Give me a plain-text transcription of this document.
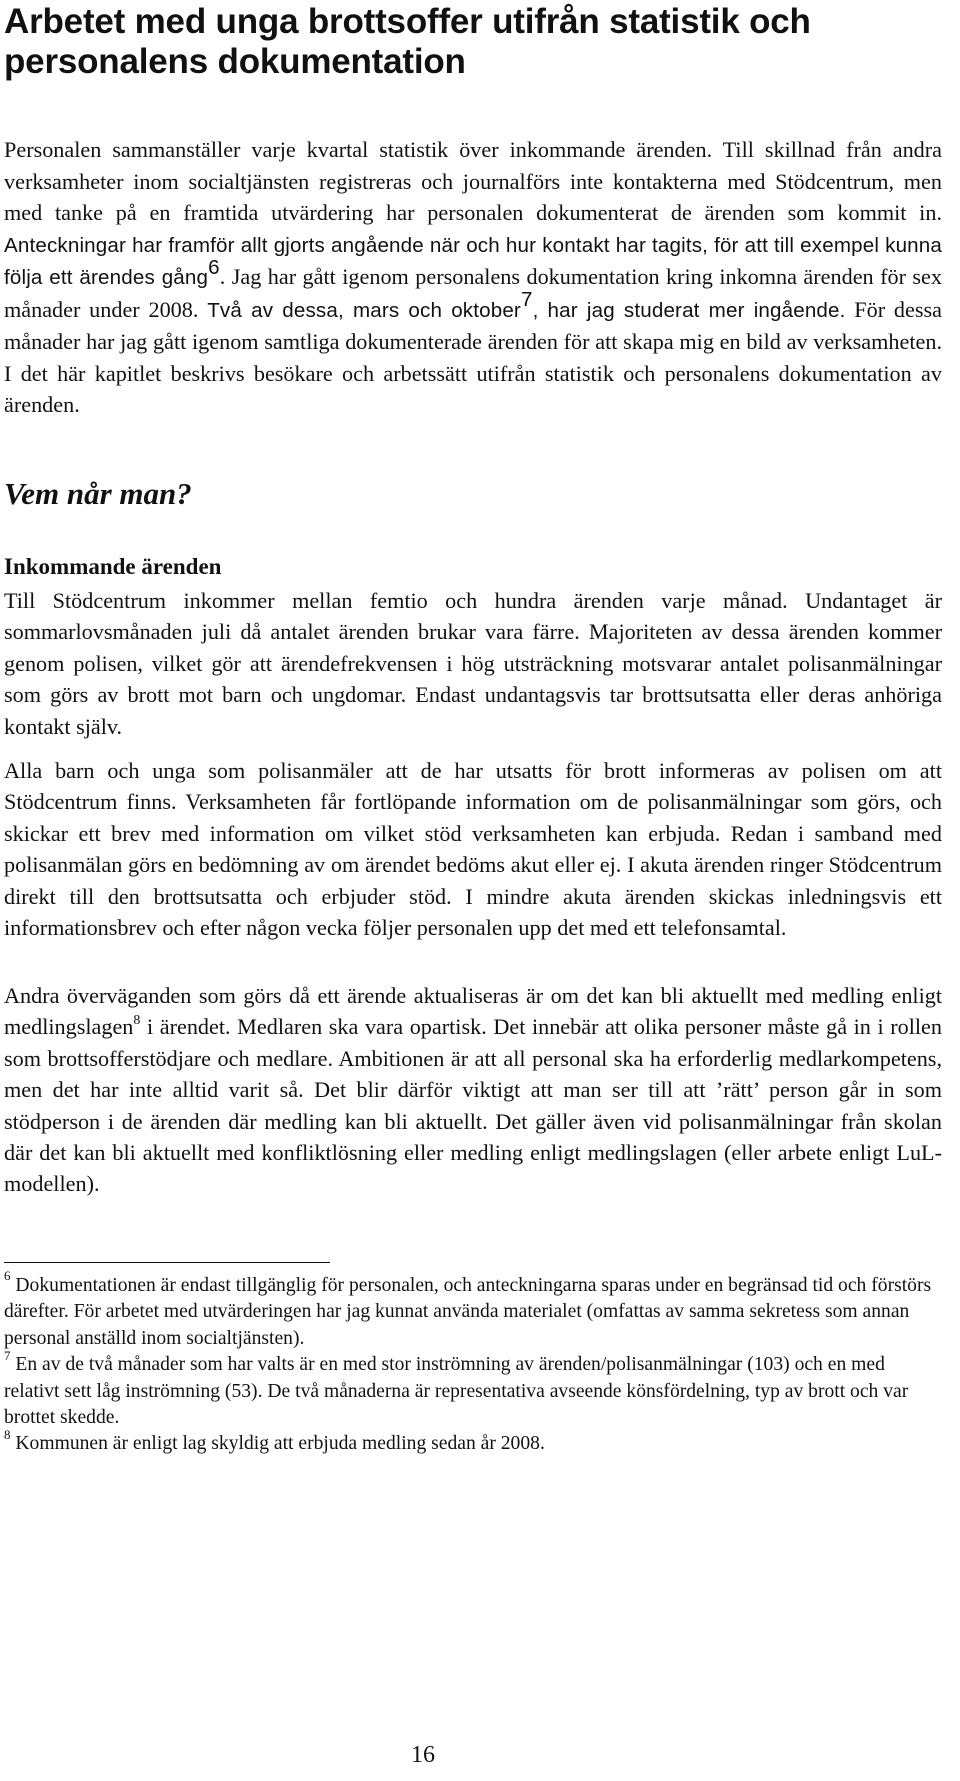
Arbetet med unga brottsoffer utifrån statistik och personalens dokumentation

Personalen sammanställer varje kvartal statistik över inkommande ärenden. Till skillnad från andra verksamheter inom socialtjänsten registreras och journalförs inte kontakterna med Stödcentrum, men med tanke på en framtida utvärdering har personalen dokumenterat de ärenden som kommit in. Anteckningar har framför allt gjorts angående när och hur kontakt har tagits, för att till exempel kunna följa ett ärendes gång$^6$. Jag har gått igenom personalens dokumentation kring inkomna ärenden för sex månader under 2008. Två av dessa, mars och oktober$^7$, har jag studerat mer ingående. För dessa månader har jag gått igenom samtliga dokumenterade ärenden för att skapa mig en bild av verksamheten. I det här kapitlet beskrivs besökare och arbetssätt utifrån statistik och personalens dokumentation av ärenden.

Vem når man?
Inkommande ärenden

Till Stödcentrum inkommer mellan femtio och hundra ärenden varje månad. Undantaget är sommarlovsmånaden juli då antalet ärenden brukar vara färre. Majoriteten av dessa ärenden kommer genom polisen, vilket gör att ärendefrekvensen i hög utsträckning motsvarar antalet polisanmälningar som görs av brott mot barn och ungdomar. Endast undantagsvis tar brottsutsatta eller deras anhöriga kontakt själv.

Alla barn och unga som polisanmäler att de har utsatts för brott informeras av polisen om att Stödcentrum finns. Verksamheten får fortlöpande information om de polisanmälningar som görs, och skickar ett brev med information om vilket stöd verksamheten kan erbjuda. Redan i samband med polisanmälan görs en bedömning av om ärendet bedöms akut eller ej. I akuta ärenden ringer Stödcentrum direkt till den brottsutsatta och erbjuder stöd. I mindre akuta ärenden skickas inledningsvis ett informationsbrev och efter någon vecka följer personalen upp det med ett telefonsamtal.

Andra överväganden som görs då ett ärende aktualiseras är om det kan bli aktuellt med medling enligt medlingslagen$^8$ i ärendet. Medlaren ska vara opartisk. Det innebär att olika personer måste gå in i rollen som brottsofferstödjare och medlare. Ambitionen är att all personal ska ha erforderlig medlarkompetens, men det har inte alltid varit så. Det blir därför viktigt att man ser till att ’rätt’ person går in som stödperson i de ärenden där medling kan bli aktuellt. Det gäller även vid polisanmälningar från skolan där det kan bli aktuellt med konfliktlösning eller medling enligt medlingslagen (eller arbete enligt LuL-modellen).

$^6$ Dokumentationen är endast tillgänglig för personalen, och anteckningarna sparas under en begränsad tid och förstörs därefter. För arbetet med utvärderingen har jag kunnat använda materialet (omfattas av samma sekretess som annan personal anställd inom socialtjänsten).

$^7$ En av de två månader som har valts är en med stor inströmning av ärenden/polisanmälningar (103) och en med relativt sett låg inströmning (53). De två månaderna är representativa avseende könsfördelning, typ av brott och var brottet skedde.

$^8$ Kommunen är enligt lag skyldig att erbjuda medling sedan år 2008.

16
